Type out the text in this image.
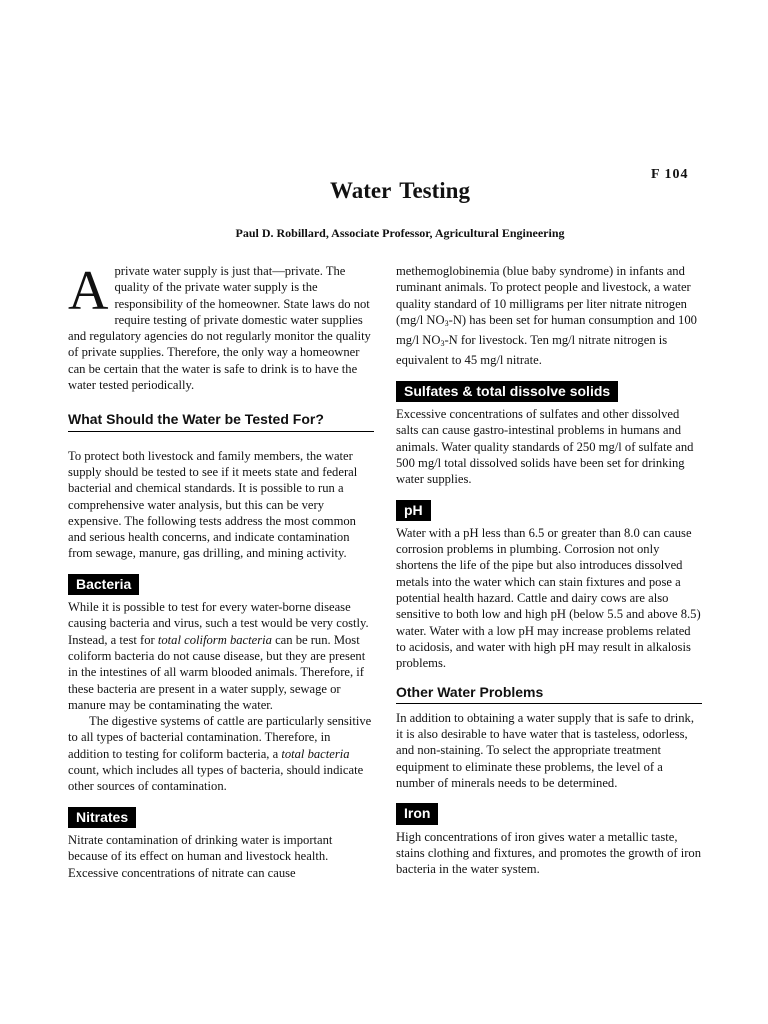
F 104
Water Testing
Paul D. Robillard, Associate Professor, Agricultural Engineering

Aprivate water supply is just that—private. The quality of the private water supply is the responsibility of the homeowner. State laws do not require testing of private domestic water supplies and regulatory agencies do not regularly monitor the quality of private supplies. Therefore, the only way a homeowner can be certain that the water is safe to drink is to have the water tested periodically.

What Should the Water be Tested For?

To protect both livestock and family members, the water supply should be tested to see if it meets state and federal bacterial and chemical standards. It is possible to run a comprehensive water analysis, but this can be very expensive. The following tests address the most common and serious health concerns, and indicate contamination from sewage, manure, gas drilling, and mining activity.

Bacteria

While it is possible to test for every water-borne disease causing bacteria and virus, such a test would be very costly. Instead, a test for total coliform bacteria can be run. Most coliform bacteria do not cause disease, but they are present in the intestines of all warm blooded animals. Therefore, if these bacteria are present in a water supply, sewage or manure may be contaminating the water.

The digestive systems of cattle are particularly sensitive to all types of bacterial contamination. Therefore, in addition to testing for coliform bacteria, a total bacteria count, which includes all types of bacteria, should indicate other sources of contamination.

Nitrates

Nitrate contamination of drinking water is important because of its effect on human and livestock health. Excessive concentrations of nitrate can cause

methemoglobinemia (blue baby syndrome) in infants and ruminant animals. To protect people and livestock, a water quality standard of 10 milligrams per liter nitrate nitrogen (mg/l $NO_3-N$) has been set for human consumption and 100 mg/l $NO_3-N$ for livestock. Ten mg/l nitrate nitrogen is equivalent to 45 mg/l nitrate.

Sulfates & total dissolve solids

Excessive concentrations of sulfates and other dissolved salts can cause gastro-intestinal problems in humans and animals. Water quality standards of 250 mg/l of sulfate and 500 mg/l total dissolved solids have been set for drinking water supplies.

pH

Water with a pH less than 6.5 or greater than 8.0 can cause corrosion problems in plumbing. Corrosion not only shortens the life of the pipe but also introduces dissolved metals into the water which can stain fixtures and pose a potential health hazard. Cattle and dairy cows are also sensitive to both low and high pH (below 5.5 and above 8.5) water. Water with a low pH may increase problems related to acidosis, and water with high pH may result in alkalosis problems.

Other Water Problems

In addition to obtaining a water supply that is safe to drink, it is also desirable to have water that is tasteless, odorless, and non-staining. To select the appropriate treatment equipment to eliminate these problems, the level of a number of minerals needs to be determined.

Iron

High concentrations of iron gives water a metallic taste, stains clothing and fixtures, and promotes the growth of iron bacteria in the water system.
